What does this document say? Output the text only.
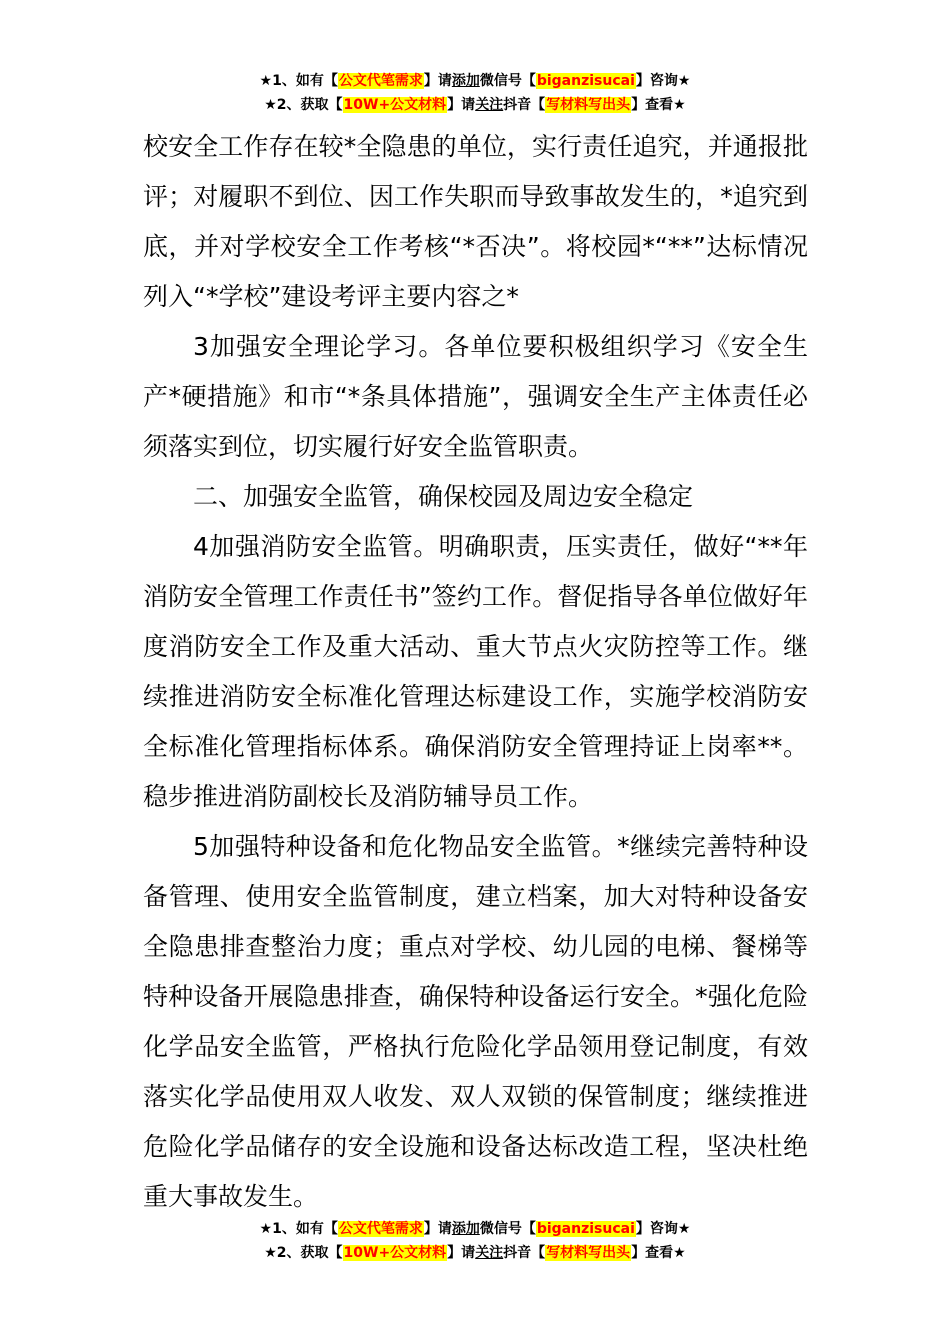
★1、如有【公文代笔需求】请添加微信号【biganzisucai】咨询★
★2、获取【10W+公文材料】请关注抖音【写材料写出头】查看★

校安全工作存在较*全隐患的单位，实行责任追究，并通报批评；对履职不到位、因工作失职而导致事故发生的，*追究到底，并对学校安全工作考核“*否决”。将校园*“**”达标情况列入“*学校”建设考评主要内容之*

3加强安全理论学习。各单位要积极组织学习《安全生产*硬措施》和市“*条具体措施”，强调安全生产主体责任必须落实到位，切实履行好安全监管职责。

二、加强安全监管，确保校园及周边安全稳定

4加强消防安全监管。明确职责，压实责任，做好“**年消防安全管理工作责任书”签约工作。督促指导各单位做好年度消防安全工作及重大活动、重大节点火灾防控等工作。继续推进消防安全标准化管理达标建设工作，实施学校消防安全标准化管理指标体系。确保消防安全管理持证上岗率**。稳步推进消防副校长及消防辅导员工作。

5加强特种设备和危化物品安全监管。*继续完善特种设备管理、使用安全监管制度，建立档案，加大对特种设备安全隐患排查整治力度；重点对学校、幼儿园的电梯、餐梯等特种设备开展隐患排查，确保特种设备运行安全。*强化危险化学品安全监管，严格执行危险化学品领用登记制度，有效落实化学品使用双人收发、双人双锁的保管制度；继续推进危险化学品储存的安全设施和设备达标改造工程，坚决杜绝重大事故发生。

★1、如有【公文代笔需求】请添加微信号【biganzisucai】咨询★
★2、获取【10W+公文材料】请关注抖音【写材料写出头】查看★
